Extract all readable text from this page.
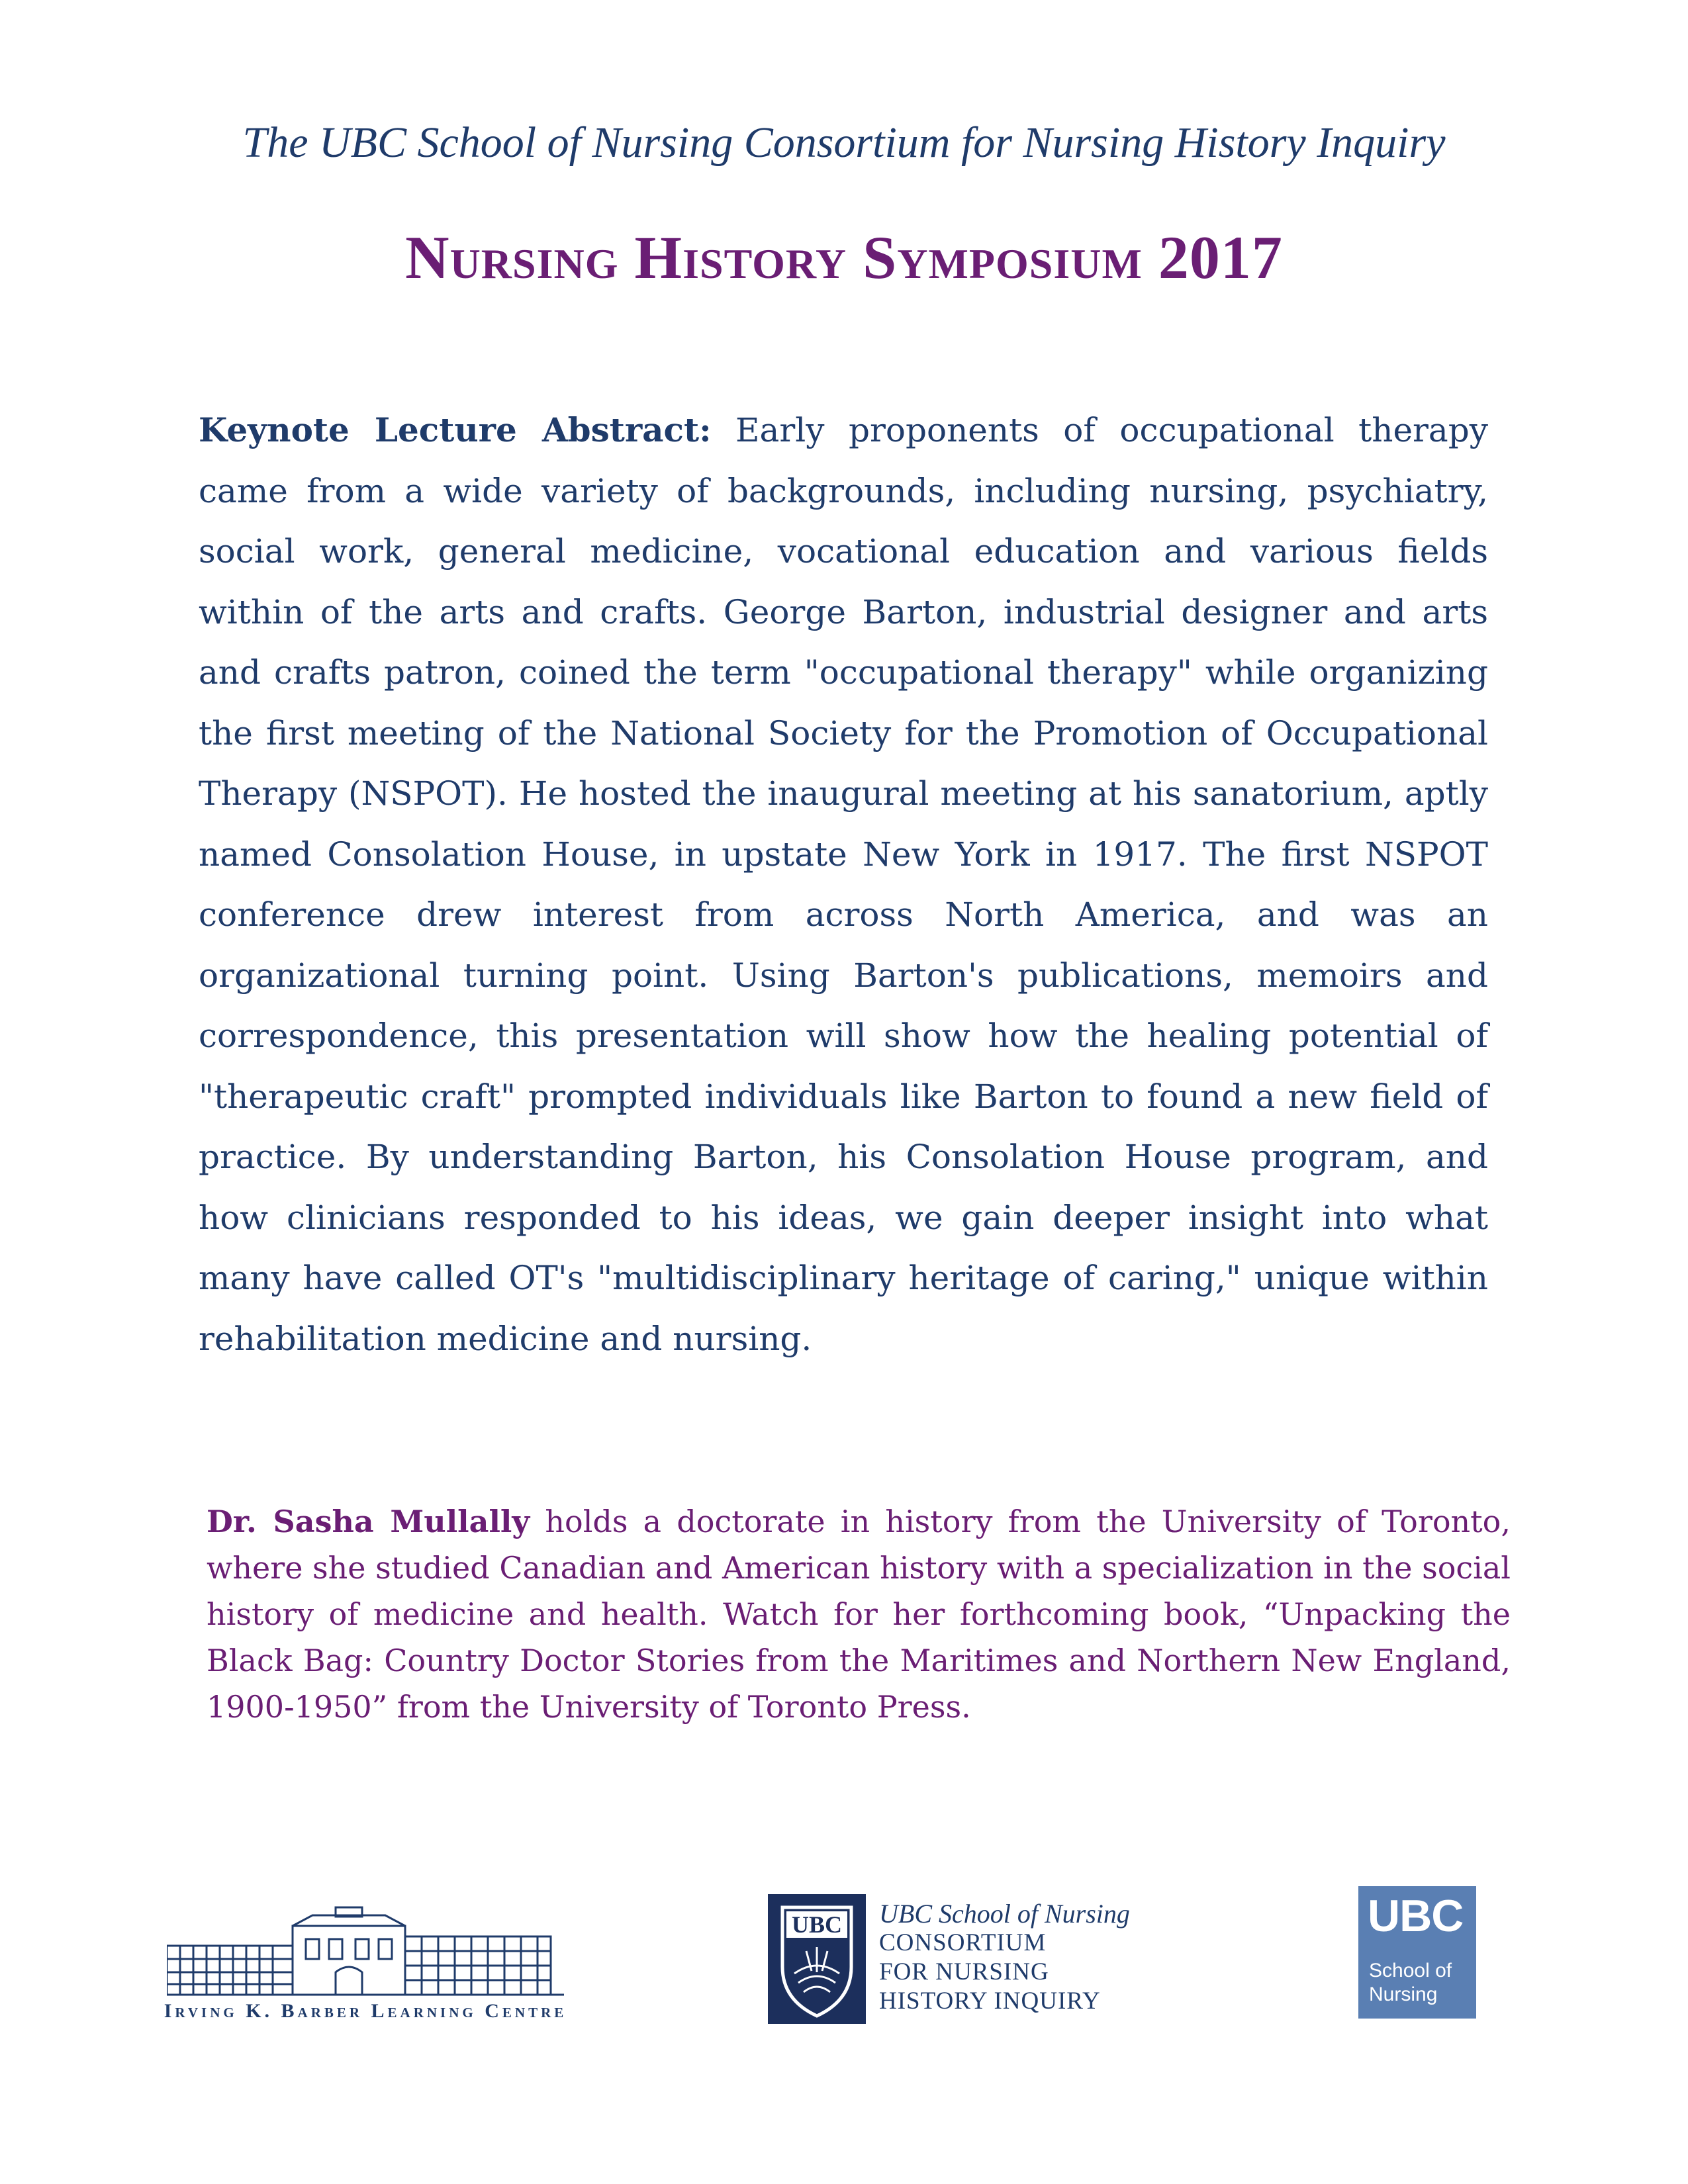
The UBC School of Nursing Consortium for Nursing History Inquiry
Nursing History Symposium 2017

Keynote Lecture Abstract: Early proponents of occupational therapy came from a wide variety of backgrounds, including nursing, psychiatry, social work, general medicine, vocational education and various fields within of the arts and crafts. George Barton, industrial designer and arts and crafts patron, coined the term "occupational therapy" while organizing the first meeting of the National Society for the Promotion of Occupational Therapy (NSPOT). He hosted the inaugural meeting at his sanatorium, aptly named Consolation House, in upstate New York in 1917. The first NSPOT conference drew interest from across North America, and was an organizational turning point. Using Barton's publications, memoirs and correspondence, this presentation will show how the healing potential of "therapeutic craft" prompted individuals like Barton to found a new field of practice. By understanding Barton, his Consolation House program, and how clinicians responded to his ideas, we gain deeper insight into what many have called OT's "multidisciplinary heritage of caring," unique within rehabilitation medicine and nursing.

Dr. Sasha Mullally holds a doctorate in history from the University of Toronto, where she studied Canadian and American history with a specialization in the social history of medicine and health. Watch for her forthcoming book, “Unpacking the Black Bag: Country Doctor Stories from the Maritimes and Northern New England, 1900-1950” from the University of Toronto Press.

Irving K. Barber Learning Centre
UBC UBC School of Nursing
CONSORTIUM
FOR NURSING
HISTORY INQUIRY
UBC
School of
Nursing
